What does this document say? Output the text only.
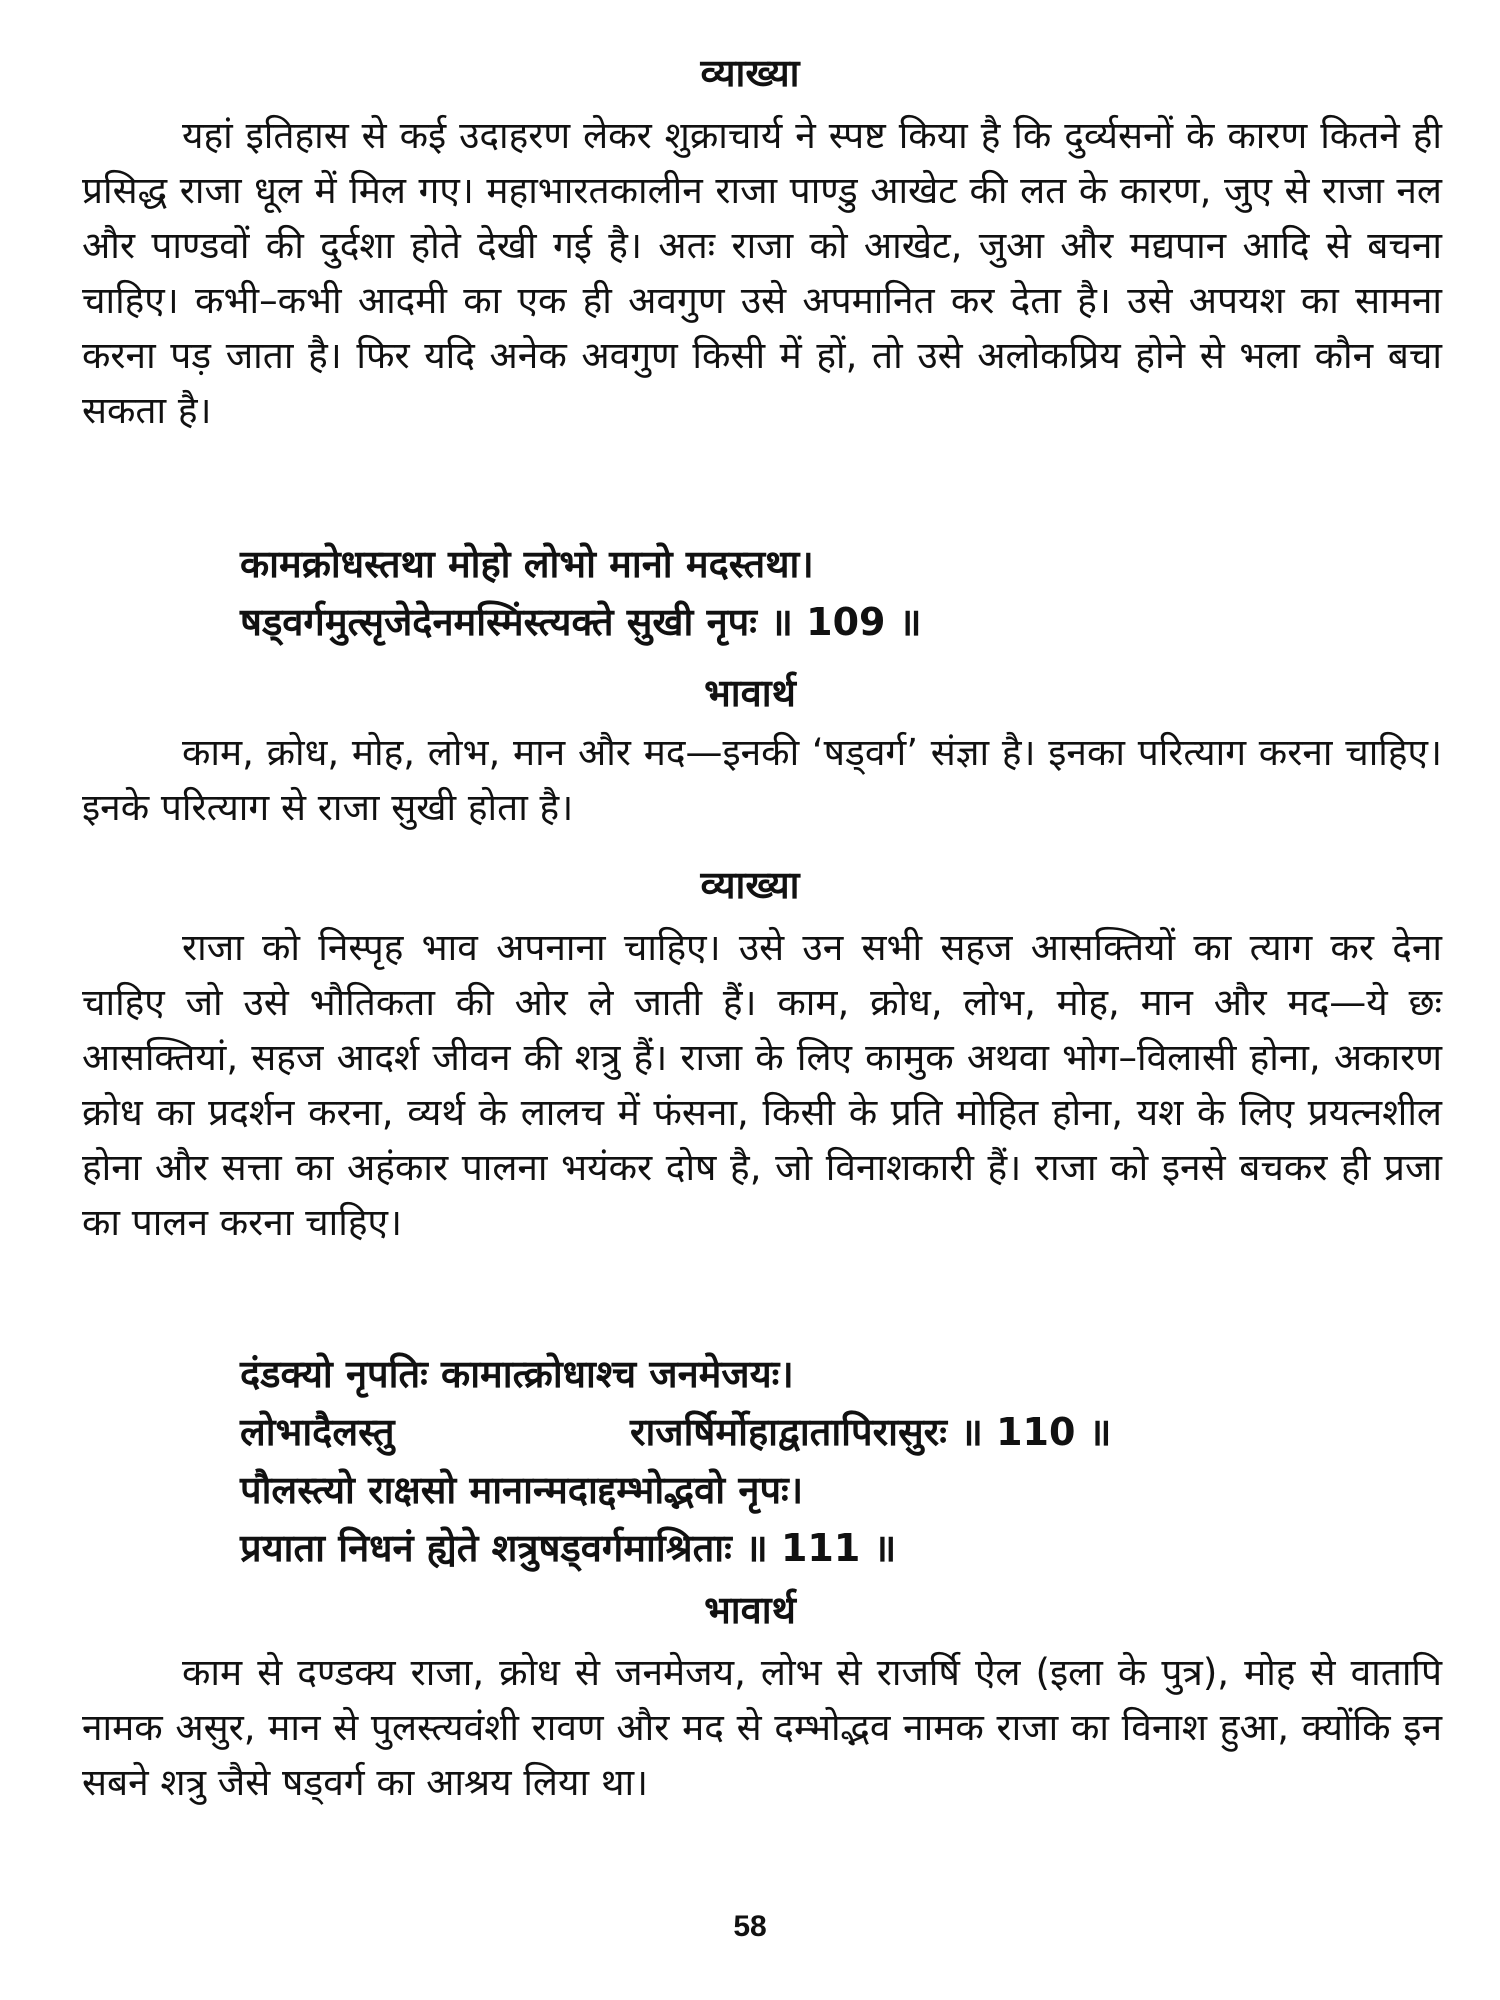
व्याख्या

यहां इतिहास से कई उदाहरण लेकर शुक्राचार्य ने स्पष्ट किया है कि दुर्व्यसनों के कारण कितने ही प्रसिद्ध राजा धूल में मिल गए। महाभारतकालीन राजा पाण्डु आखेट की लत के कारण, जुए से राजा नल और पाण्डवों की दुर्दशा होते देखी गई है। अतः राजा को आखेट, जुआ और मद्यपान आदि से बचना चाहिए। कभी–कभी आदमी का एक ही अवगुण उसे अपमानित कर देता है। उसे अपयश का सामना करना पड़ जाता है। फिर यदि अनेक अवगुण किसी में हों, तो उसे अलोकप्रिय होने से भला कौन बचा सकता है।

कामक्रोधस्तथा मोहो लोभो मानो मदस्तथा।

षड्वर्गमुत्सृजेदेनमस्मिंस्त्यक्ते सुखी नृपः ॥ 109 ॥

भावार्थ

काम, क्रोध, मोह, लोभ, मान और मद—इनकी ‘षड्वर्ग’ संज्ञा है। इनका परित्याग करना चाहिए। इनके परित्याग से राजा सुखी होता है।

व्याख्या

राजा को निस्पृह भाव अपनाना चाहिए। उसे उन सभी सहज आसक्तियों का त्याग कर देना चाहिए जो उसे भौतिकता की ओर ले जाती हैं। काम, क्रोध, लोभ, मोह, मान और मद—ये छः आसक्तियां, सहज आदर्श जीवन की शत्रु हैं। राजा के लिए कामुक अथवा भोग–विलासी होना, अकारण क्रोध का प्रदर्शन करना, व्यर्थ के लालच में फंसना, किसी के प्रति मोहित होना, यश के लिए प्रयत्नशील होना और सत्ता का अहंकार पालना भयंकर दोष है, जो विनाशकारी हैं। राजा को इनसे बचकर ही प्रजा का पालन करना चाहिए।

दंडक्यो नृपतिः कामात्क्रोधाश्च जनमेजयः।

लोभादैलस्तु	राजर्षिर्मोहाद्वातापिरासुरः ॥ 110 ॥

पौलस्त्यो राक्षसो मानान्मदाद्दम्भोद्भवो नृपः।

प्रयाता निधनं ह्येते शत्रुषड्वर्गमाश्रिताः ॥ 111 ॥

भावार्थ

काम से दण्डक्य राजा, क्रोध से जनमेजय, लोभ से राजर्षि ऐल (इला के पुत्र), मोह से वातापि नामक असुर, मान से पुलस्त्यवंशी रावण और मद से दम्भोद्भव नामक राजा का विनाश हुआ, क्योंकि इन सबने शत्रु जैसे षड्वर्ग का आश्रय लिया था।

58
